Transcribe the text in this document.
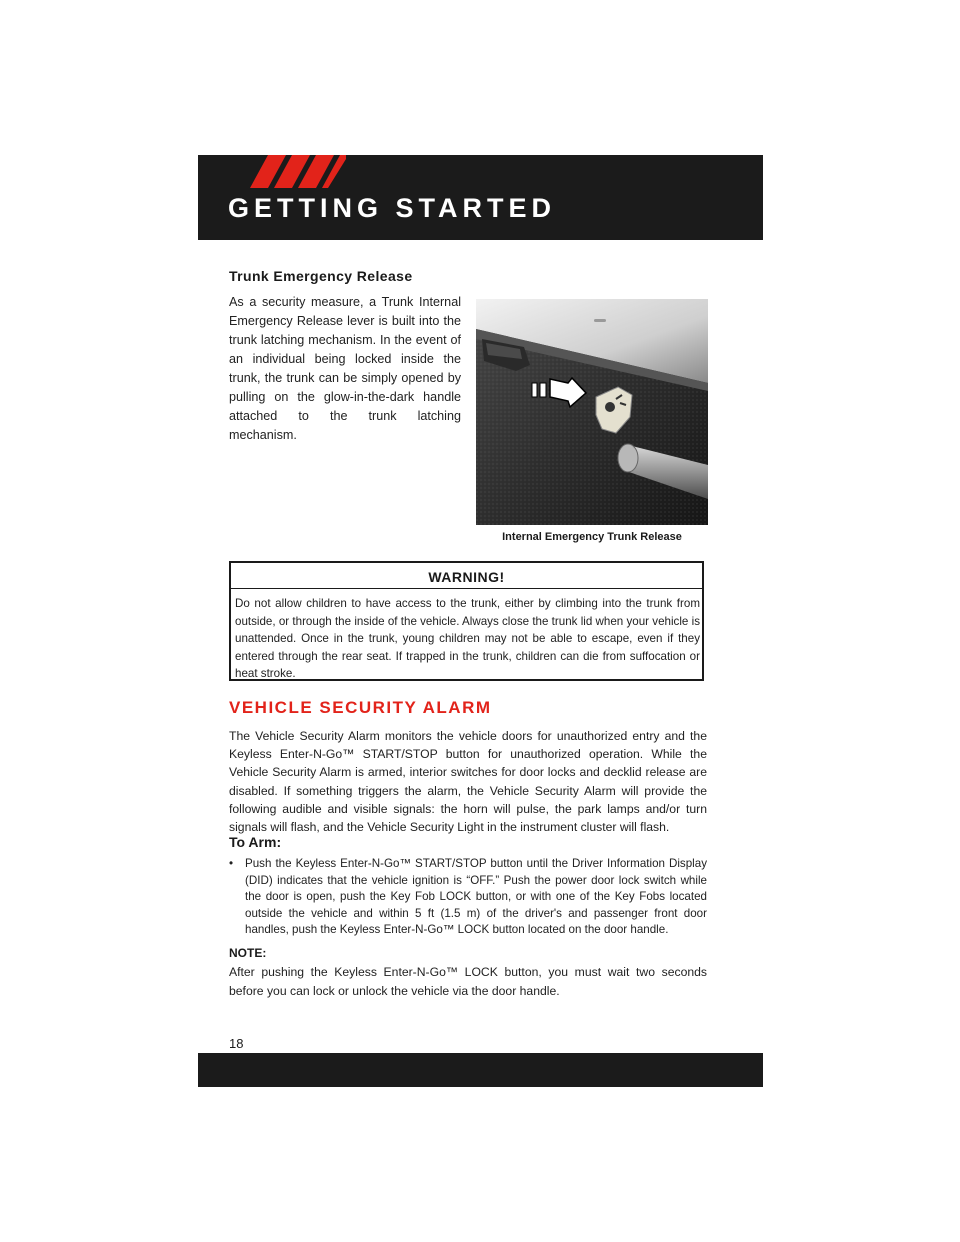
GETTING STARTED
Trunk Emergency Release

As a security measure, a Trunk Internal Emergency Release lever is built into the trunk latching mechanism. In the event of an individual being locked inside the trunk, the trunk can be simply opened by pulling on the glow-in-the-dark handle attached to the trunk latching mechanism.

Internal Emergency Trunk Release
WARNING!

Do not allow children to have access to the trunk, either by climbing into the trunk from outside, or through the inside of the vehicle. Always close the trunk lid when your vehicle is unattended. Once in the trunk, young children may not be able to escape, even if they entered through the rear seat. If trapped in the trunk, children can die from suffocation or heat stroke.

VEHICLE SECURITY ALARM

The Vehicle Security Alarm monitors the vehicle doors for unauthorized entry and the Keyless Enter-N-Go™ START/STOP button for unauthorized operation. While the Vehicle Security Alarm is armed, interior switches for door locks and decklid release are disabled. If something triggers the alarm, the Vehicle Security Alarm will provide the following audible and visible signals: the horn will pulse, the park lamps and/or turn signals will flash, and the Vehicle Security Light in the instrument cluster will flash.

To Arm:
• Push the Keyless Enter-N-Go™ START/STOP button until the Driver Information Display (DID) indicates that the vehicle ignition is “OFF.” Push the power door lock switch while the door is open, push the Key Fob LOCK button, or with one of the Key Fobs located outside the vehicle and within 5 ft (1.5 m) of the driver's and passenger front door handles, push the Keyless Enter-N-Go™ LOCK button located on the door handle.
NOTE:

After pushing the Keyless Enter-N-Go™ LOCK button, you must wait two seconds before you can lock or unlock the vehicle via the door handle.

18
